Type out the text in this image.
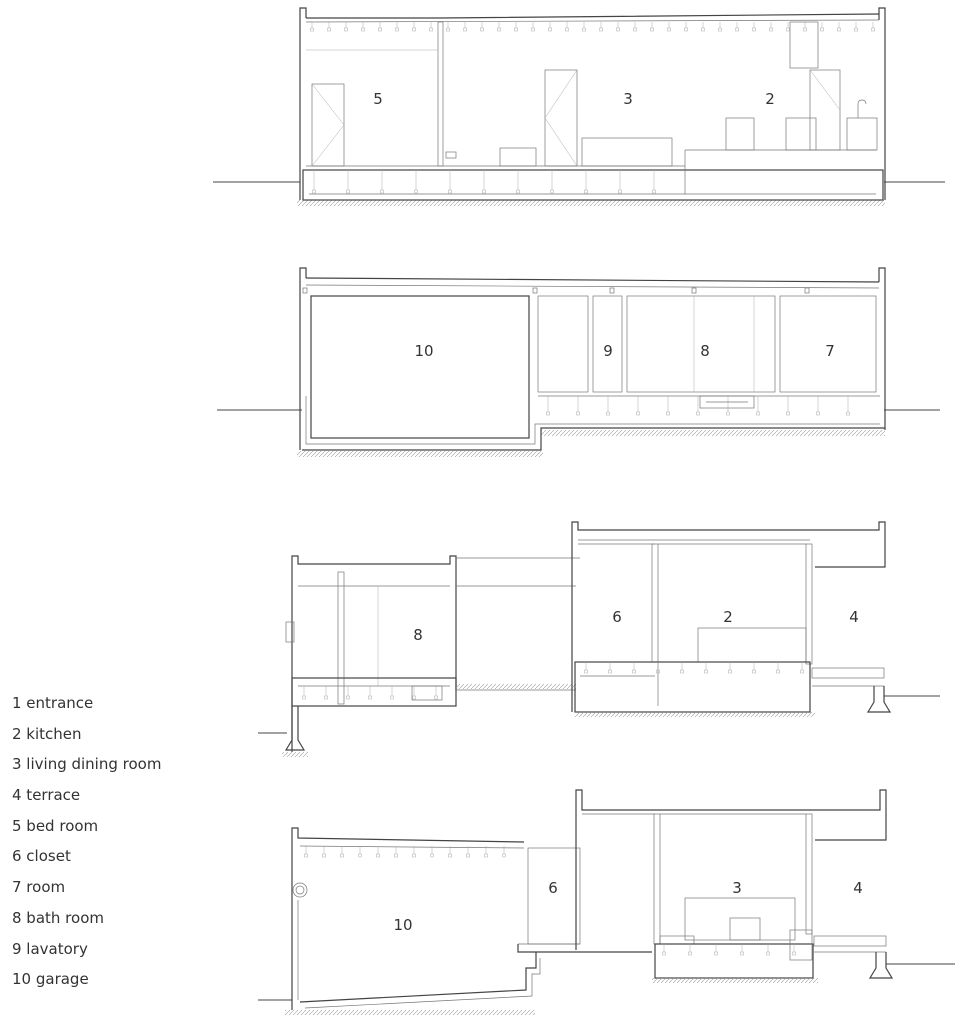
5	3	2
10	9	8	7
8
6	2	4
10
6	3	4
1 entrance
2 kitchen
3 living dining room
4 terrace
5 bed room
6 closet
7 room
8 bath room
9 lavatory
10 garage
